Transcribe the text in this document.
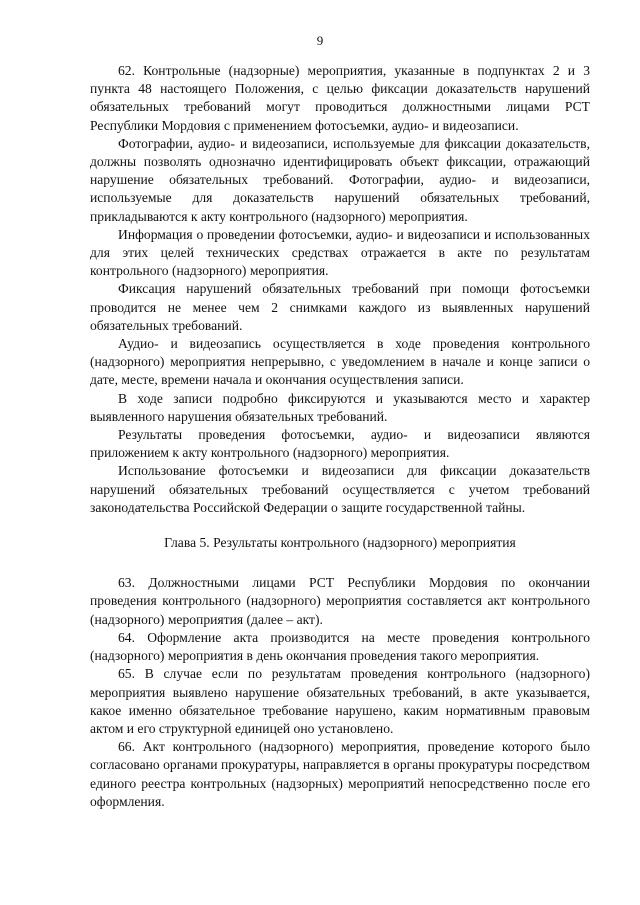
9

62. Контрольные (надзорные) мероприятия, указанные в подпунктах 2 и 3 пункта 48 настоящего Положения, с целью фиксации доказательств нарушений обязательных требований могут проводиться должностными лицами РСТ Республики Мордовия с применением фотосъемки, аудио- и видеозаписи.

Фотографии, аудио- и видеозаписи, используемые для фиксации доказательств, должны позволять однозначно идентифицировать объект фиксации, отражающий нарушение обязательных требований. Фотографии, аудио- и видеозаписи, используемые для доказательств нарушений обязательных требований, прикладываются к акту контрольного (надзорного) мероприятия.

Информация о проведении фотосъемки, аудио- и видеозаписи и использованных для этих целей технических средствах отражается в акте по результатам контрольного (надзорного) мероприятия.

Фиксация нарушений обязательных требований при помощи фотосъемки проводится не менее чем 2 снимками каждого из выявленных нарушений обязательных требований.

Аудио- и видеозапись осуществляется в ходе проведения контрольного (надзорного) мероприятия непрерывно, с уведомлением в начале и конце записи о дате, месте, времени начала и окончания осуществления записи.

В ходе записи подробно фиксируются и указываются место и характер выявленного нарушения обязательных требований.

Результаты проведения фотосъемки, аудио- и видеозаписи являются приложением к акту контрольного (надзорного) мероприятия.

Использование фотосъемки и видеозаписи для фиксации доказательств нарушений обязательных требований осуществляется с учетом требований законодательства Российской Федерации о защите государственной тайны.

Глава 5. Результаты контрольного (надзорного) мероприятия

63. Должностными лицами РСТ Республики Мордовия по окончании проведения контрольного (надзорного) мероприятия составляется акт контрольного (надзорного) мероприятия (далее – акт).

64. Оформление акта производится на месте проведения контрольного (надзорного) мероприятия в день окончания проведения такого мероприятия.

65. В случае если по результатам проведения контрольного (надзорного) мероприятия выявлено нарушение обязательных требований, в акте указывается, какое именно обязательное требование нарушено, каким нормативным правовым актом и его структурной единицей оно установлено.

66. Акт контрольного (надзорного) мероприятия, проведение которого было согласовано органами прокуратуры, направляется в органы прокуратуры посредством единого реестра контрольных (надзорных) мероприятий непосредственно после его оформления.
